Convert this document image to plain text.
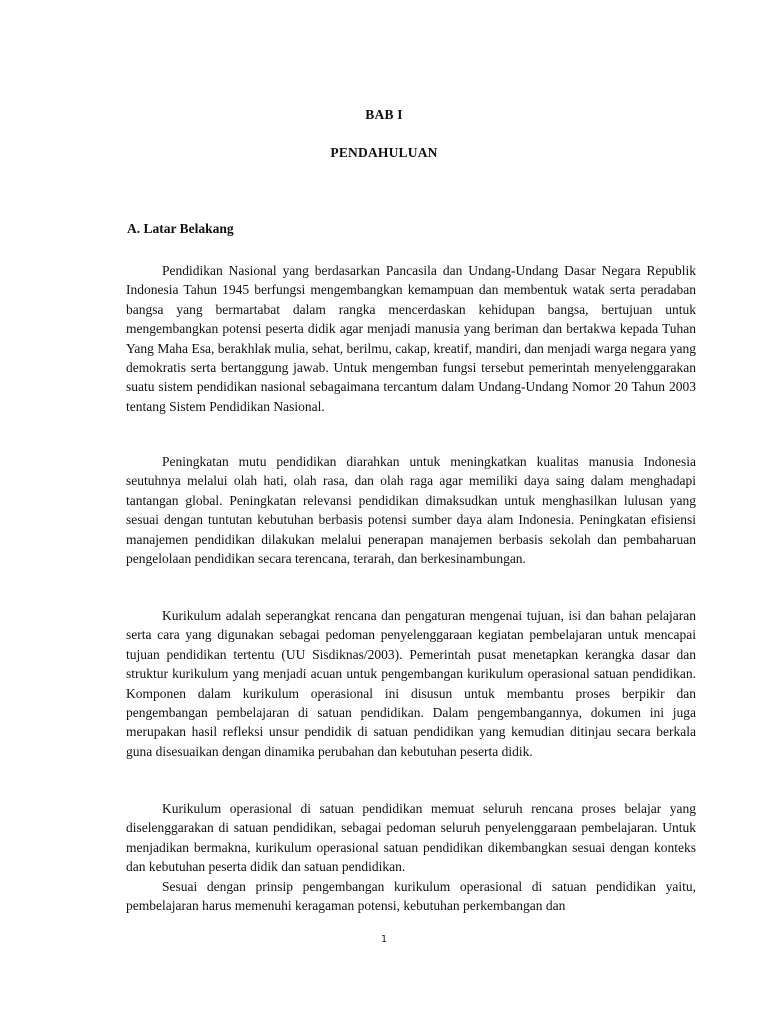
BAB I
PENDAHULUAN
A. Latar Belakang

Pendidikan Nasional yang berdasarkan Pancasila dan Undang-Undang Dasar Negara Republik Indonesia Tahun 1945 berfungsi mengembangkan kemampuan dan membentuk watak serta peradaban bangsa yang bermartabat dalam rangka mencerdaskan kehidupan bangsa, bertujuan untuk mengembangkan potensi peserta didik agar menjadi manusia yang beriman dan bertakwa kepada Tuhan Yang Maha Esa, berakhlak mulia, sehat, berilmu, cakap, kreatif, mandiri, dan menjadi warga negara yang demokratis serta bertanggung jawab. Untuk mengemban fungsi tersebut pemerintah menyelenggarakan suatu sistem pendidikan nasional sebagaimana tercantum dalam Undang-Undang Nomor 20 Tahun 2003 tentang Sistem Pendidikan Nasional.

Peningkatan mutu pendidikan diarahkan untuk meningkatkan kualitas manusia Indonesia seutuhnya melalui olah hati, olah rasa, dan olah raga agar memiliki daya saing dalam menghadapi tantangan global. Peningkatan relevansi pendidikan dimaksudkan untuk menghasilkan lulusan yang sesuai dengan tuntutan kebutuhan berbasis potensi sumber daya alam Indonesia. Peningkatan efisiensi manajemen pendidikan dilakukan melalui penerapan manajemen berbasis sekolah dan pembaharuan pengelolaan pendidikan secara terencana, terarah, dan berkesinambungan.

Kurikulum adalah seperangkat rencana dan pengaturan mengenai tujuan, isi dan bahan pelajaran serta cara yang digunakan sebagai pedoman penyelenggaraan kegiatan pembelajaran untuk mencapai tujuan pendidikan tertentu (UU Sisdiknas/2003). Pemerintah pusat menetapkan kerangka dasar dan struktur kurikulum yang menjadi acuan untuk pengembangan kurikulum operasional satuan pendidikan. Komponen dalam kurikulum operasional ini disusun untuk membantu proses berpikir dan pengembangan pembelajaran di satuan pendidikan. Dalam pengembangannya, dokumen ini juga merupakan hasil refleksi unsur pendidik di satuan pendidikan yang kemudian ditinjau secara berkala guna disesuaikan dengan dinamika perubahan dan kebutuhan peserta didik.

Kurikulum operasional di satuan pendidikan memuat seluruh rencana proses belajar yang diselenggarakan di satuan pendidikan, sebagai pedoman seluruh penyelenggaraan pembelajaran. Untuk menjadikan bermakna, kurikulum operasional satuan pendidikan dikembangkan sesuai dengan konteks dan kebutuhan peserta didik dan satuan pendidikan.

Sesuai dengan prinsip pengembangan kurikulum operasional di satuan pendidikan yaitu, pembelajaran harus memenuhi keragaman potensi, kebutuhan perkembangan dan

1
